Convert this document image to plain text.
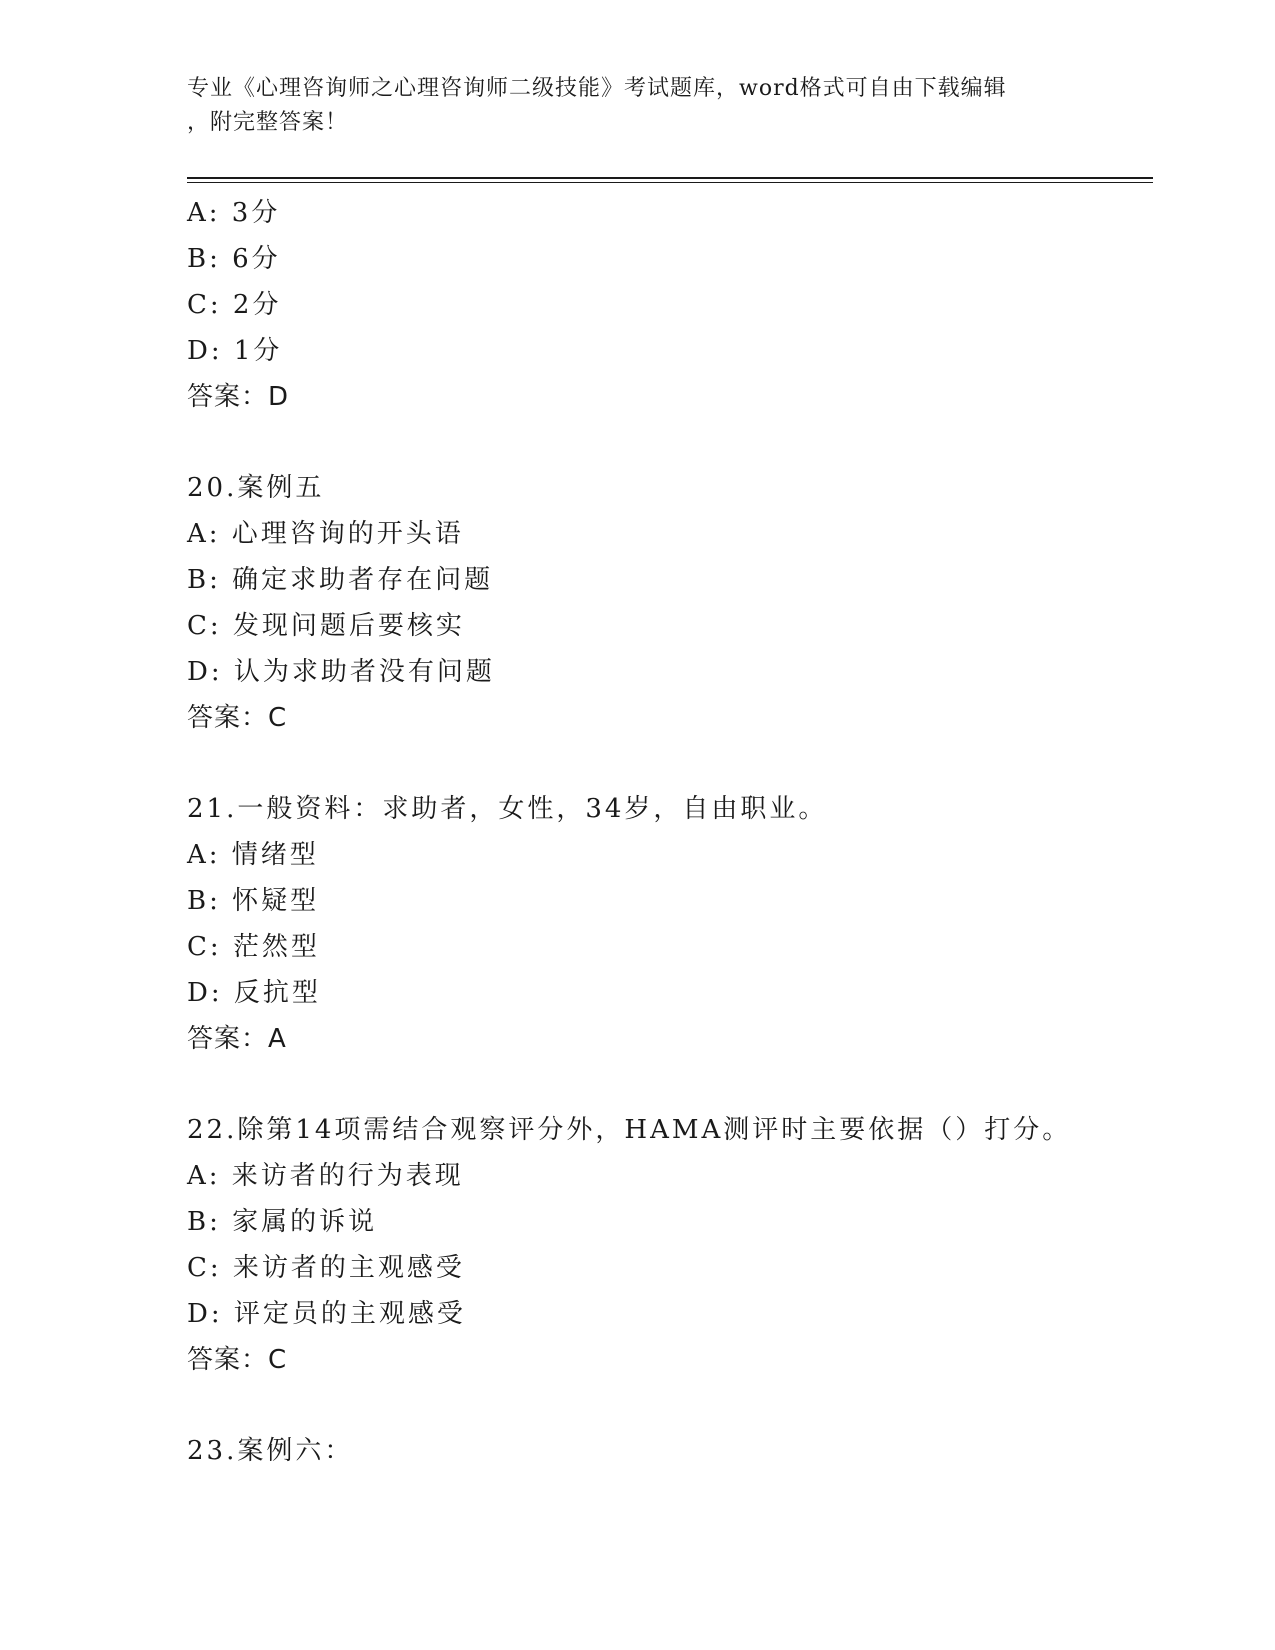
专业《心理咨询师之心理咨询师二级技能》考试题库，word格式可自由下载编辑
，附完整答案！
A: 3分
B: 6分
C: 2分
D: 1分
答案：D
20.案例五
A: 心理咨询的开头语
B: 确定求助者存在问题
C: 发现问题后要核实
D: 认为求助者没有问题
答案：C
21.一般资料：求助者，女性，34岁，自由职业。
A: 情绪型
B: 怀疑型
C: 茫然型
D: 反抗型
答案：A
22.除第14项需结合观察评分外，HAMA测评时主要依据（）打分。
A: 来访者的行为表现
B: 家属的诉说
C: 来访者的主观感受
D: 评定员的主观感受
答案：C
23.案例六：
